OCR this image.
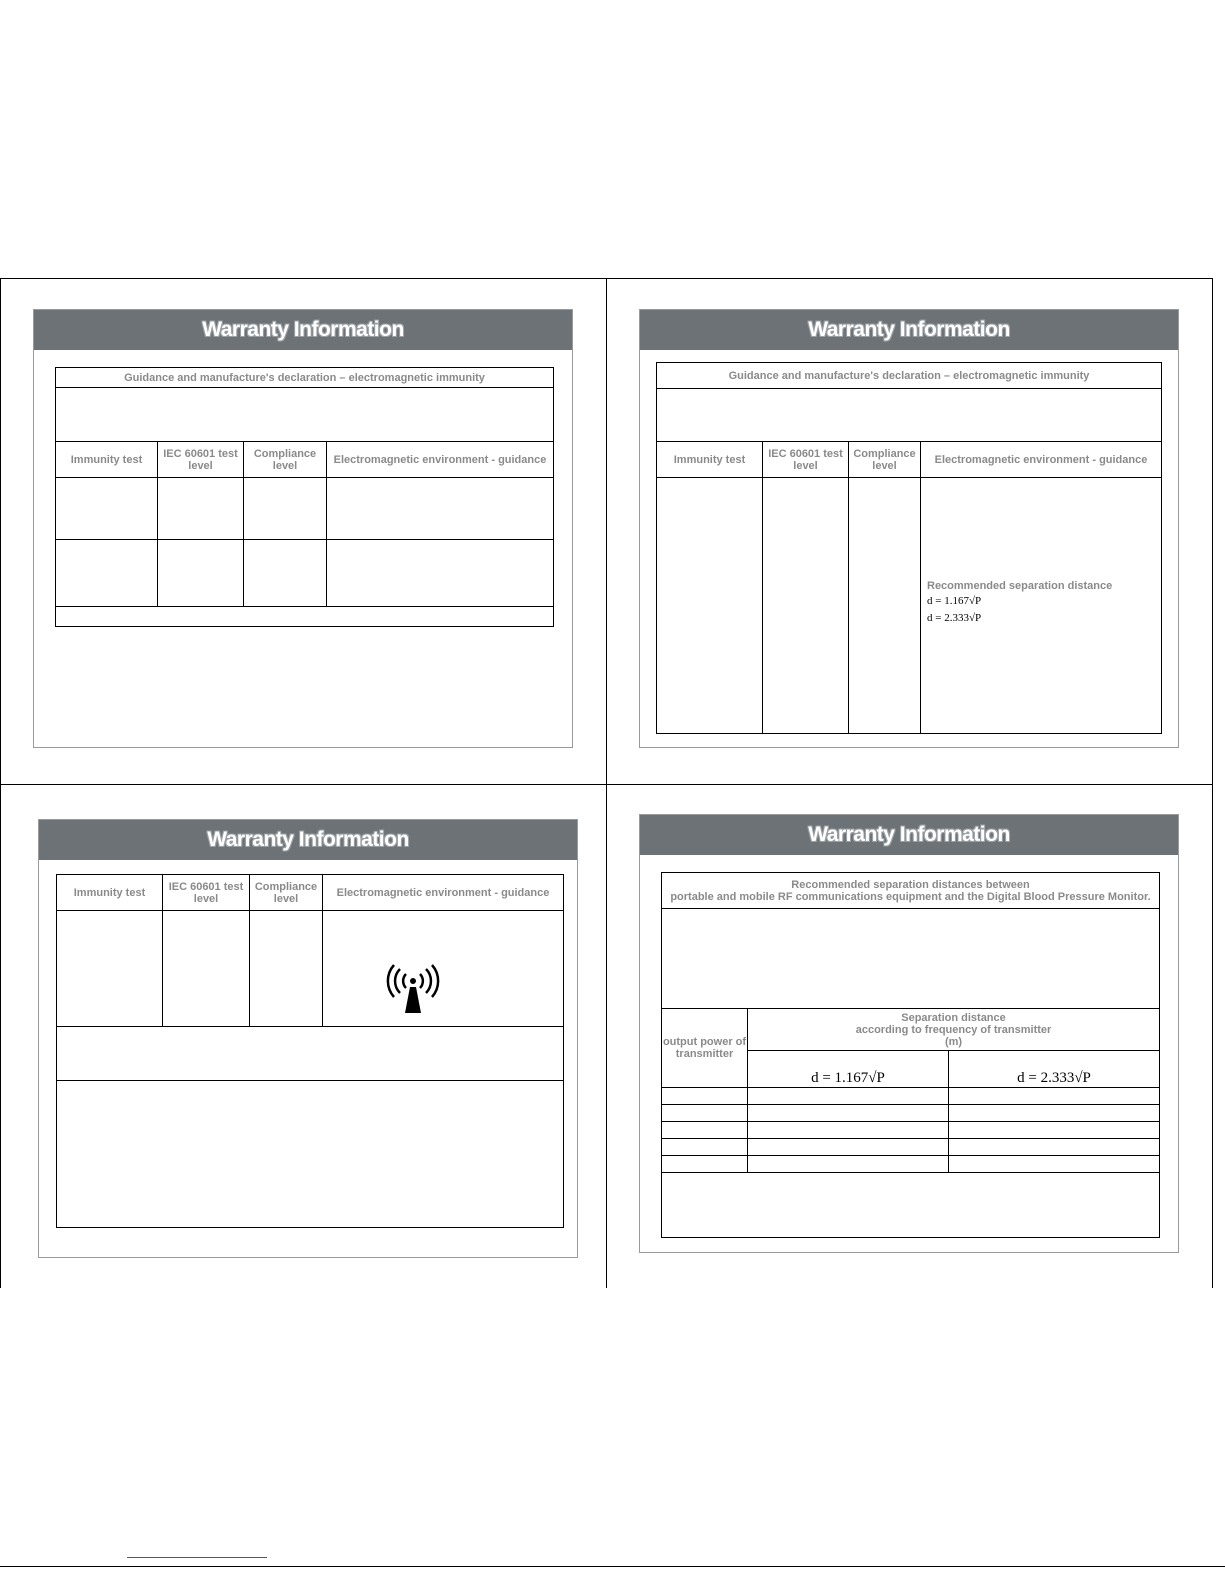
Warranty Information
Guidance and manufacture's declaration – electromagnetic immunity			

Immunity test	IEC 60601 test level	Compliance level	Electromagnetic environment - guidance

Warranty Information
Guidance and manufacture's declaration – electromagnetic immunity			

Immunity test	IEC 60601 test level	Compliance level	Electromagnetic environment - guidance

			Recommended separation distance
d = 1.167√P
d = 2.333√P
Warranty Information
Immunity test	IEC 60601 test level	Compliance level	Electromagnetic environment - guidance

Warranty Information
Recommended separation distances between
portable and mobile RF communications equipment and the Digital Blood Pressure Monitor.		

output power of transmitter	Separation distance
according to frequency of transmitter
(m)	

	d = 1.167√P	d = 2.333√P
